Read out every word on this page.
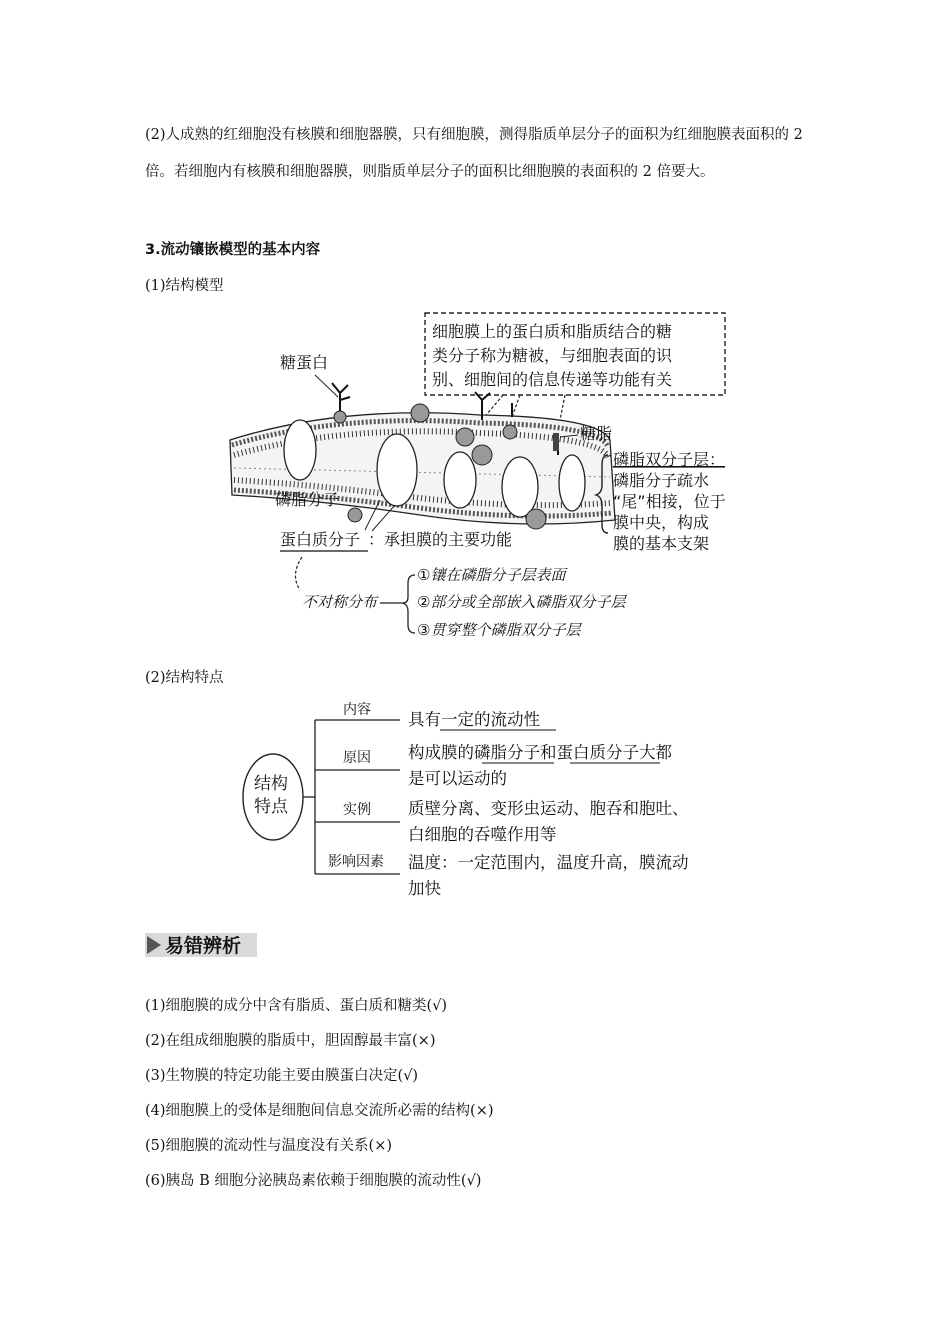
(2)人成熟的红细胞没有核膜和细胞器膜，只有细胞膜，测得脂质单层分子的面积为红细胞膜表面积的 2 倍。若细胞内有核膜和细胞器膜，则脂质单层分子的面积比细胞膜的表面积的 2 倍要大。
3.流动镶嵌模型的基本内容
(1)结构模型
细胞膜上的蛋白质和脂质结合的糖
类分子称为糖被，与细胞表面的识
别、细胞间的信息传递等功能有关
糖蛋白
糖脂
磷脂分子
磷脂双分子层：
磷脂分子疏水
“尾”相接，位于
膜中央，构成
膜的基本支架
蛋白质分子 ：承担膜的主要功能
不对称分布
①镶在磷脂分子层表面
②部分或全部嵌入磷脂双分子层
③贯穿整个磷脂双分子层
(2)结构特点
结构
特点
内容
原因
实例
影响因素
具有一定的流动性
构成膜的磷脂分子和蛋白质分子大都
是可以运动的
质壁分离、变形虫运动、胞吞和胞吐、
白细胞的吞噬作用等
温度：一定范围内，温度升高，膜流动
加快
易错辨析
(1)细胞膜的成分中含有脂质、蛋白质和糖类(√)
(2)在组成细胞膜的脂质中，胆固醇最丰富(×)
(3)生物膜的特定功能主要由膜蛋白决定(√)
(4)细胞膜上的受体是细胞间信息交流所必需的结构(×)
(5)细胞膜的流动性与温度没有关系(×)
(6)胰岛 B 细胞分泌胰岛素依赖于细胞膜的流动性(√)
